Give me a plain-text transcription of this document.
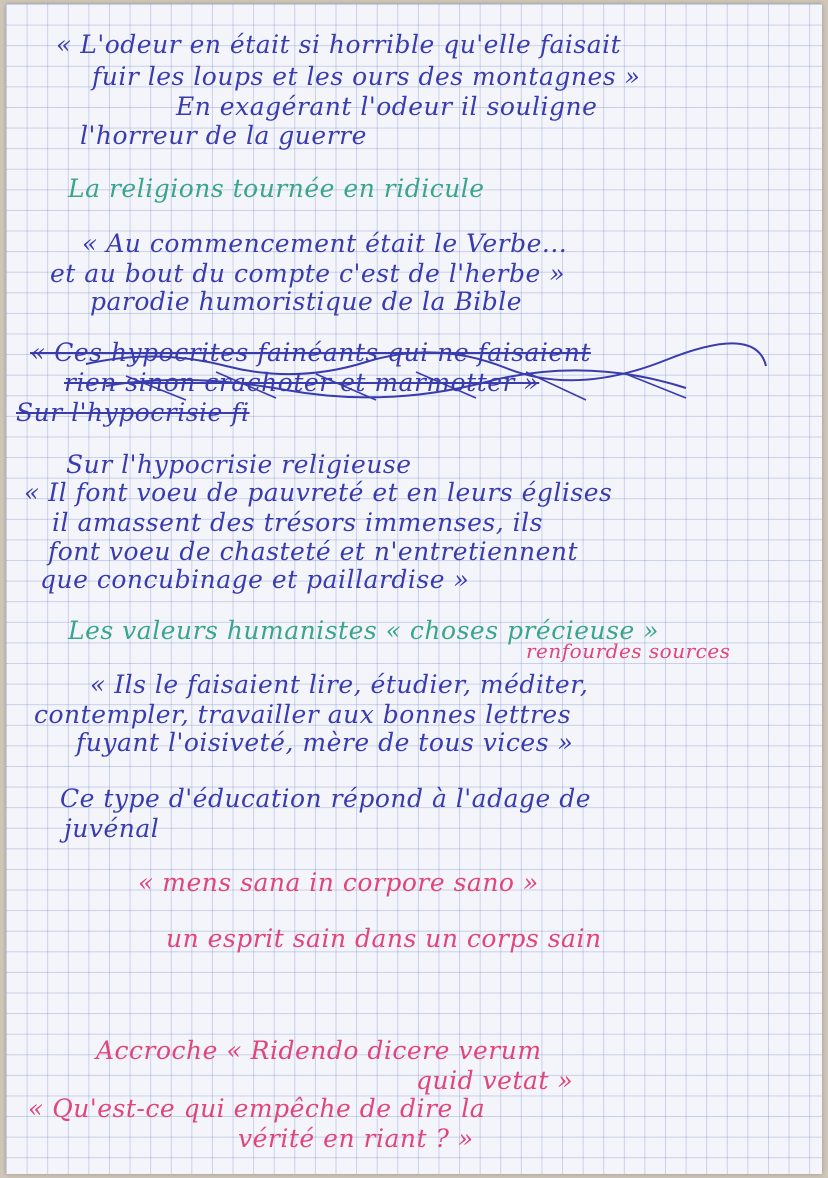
« L'odeur en était si horrible qu'elle faisait
fuir les loups et les ours des montagnes »
En exagérant l'odeur il souligne
l'horreur de la guerre
La religions tournée en ridicule
« Au commencement était le Verbe...
et au bout du compte c'est de l'herbe »
parodie humoristique de la Bible
« Ces hypocrites fainéants qui ne faisaient
rien sinon crachoter et marmotter »
Sur l'hypocrisie fi
Sur l'hypocrisie religieuse
« Il font voeu de pauvreté et en leurs églises
il amassent des trésors immenses, ils
font voeu de chasteté et n'entretiennent
que concubinage et paillardise »
Les valeurs humanistes « choses précieuse »
renfourdes sources
« Ils le faisaient lire, étudier, méditer,
contempler, travailler aux bonnes lettres
fuyant l'oisiveté, mère de tous vices »
Ce type d'éducation répond à l'adage de
juvénal
« mens sana in corpore sano »
un esprit sain dans un corps sain
Accroche « Ridendo dicere verum
quid vetat »
« Qu'est-ce qui empêche de dire la
vérité en riant ? »
